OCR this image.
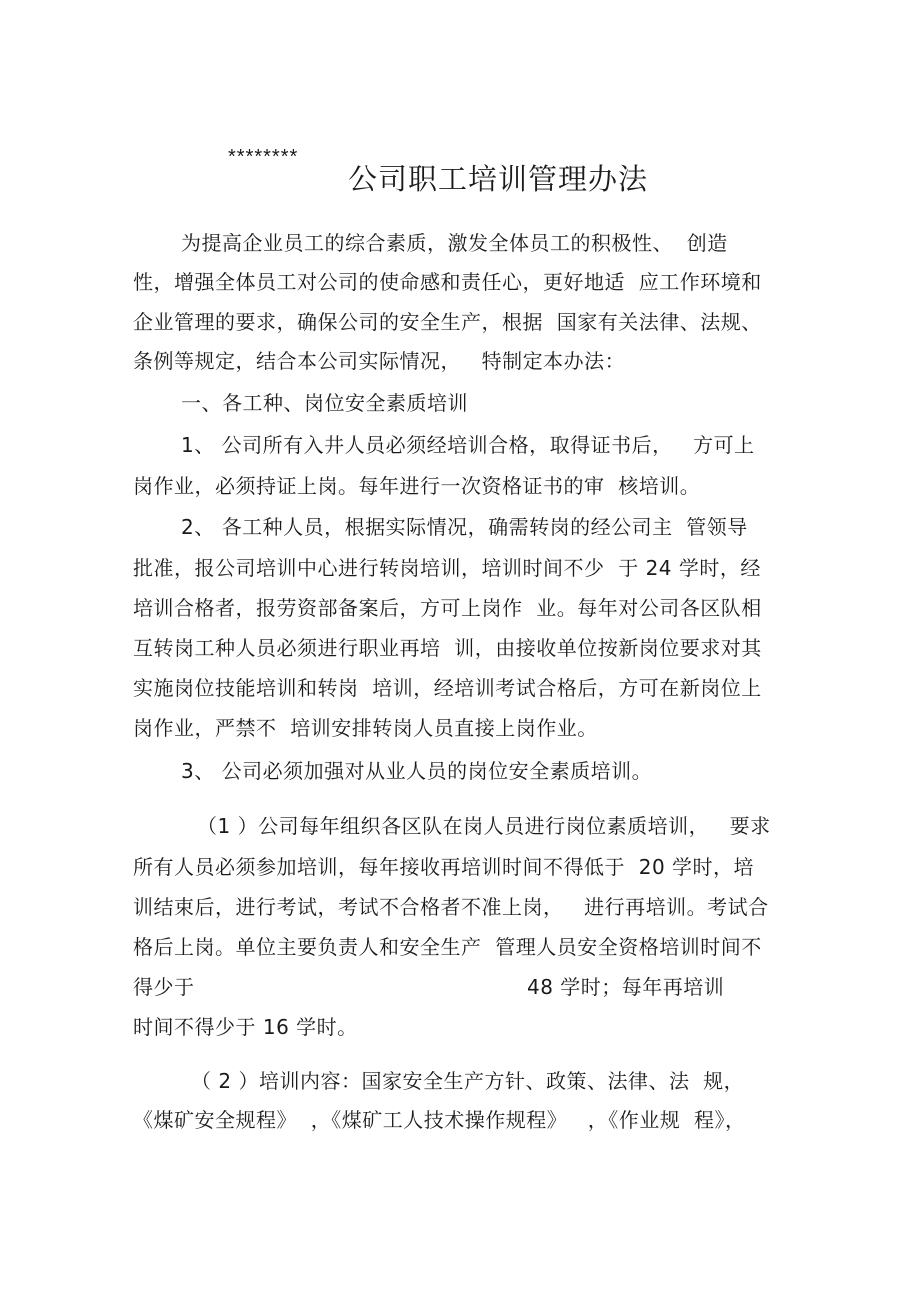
********
公司职工培训管理办法
为提高企业员工的综合素质，激发全体员工的积极性、  创造
性，增强全体员工对公司的使命感和责任心，更好地适  应工作环境和
企业管理的要求，确保公司的安全生产，根据  国家有关法律、法规、
条例等规定，结合本公司实际情况，   特制定本办法：
一、各工种、岗位安全素质培训
1、 公司所有入井人员必须经培训合格，取得证书后，   方可上
岗作业，必须持证上岗。每年进行一次资格证书的审  核培训。
2、 各工种人员，根据实际情况，确需转岗的经公司主  管领导
批准，报公司培训中心进行转岗培训，培训时间不少  于 24 学时，经
培训合格者，报劳资部备案后，方可上岗作  业。每年对公司各区队相
互转岗工种人员必须进行职业再培  训，由接收单位按新岗位要求对其
实施岗位技能培训和转岗  培训，经培训考试合格后，方可在新岗位上
岗作业，严禁不  培训安排转岗人员直接上岗作业。
3、 公司必须加强对从业人员的岗位安全素质培训。
（1 ）公司每年组织各区队在岗人员进行岗位素质培训，   要求
所有人员必须参加培训，每年接收再培训时间不得低于  20 学时，培
训结束后，进行考试，考试不合格者不准上岗，   进行再培训。考试合
格后上岗。单位主要负责人和安全生产  管理人员安全资格培训时间不
得少于	48 学时；每年再培训
时间不得少于 16 学时。
（ 2 ）培训内容：国家安全生产方针、政策、法律、法  规，
《煤矿安全规程》  ，《煤矿工人技术操作规程》   ，《作业规  程》，
